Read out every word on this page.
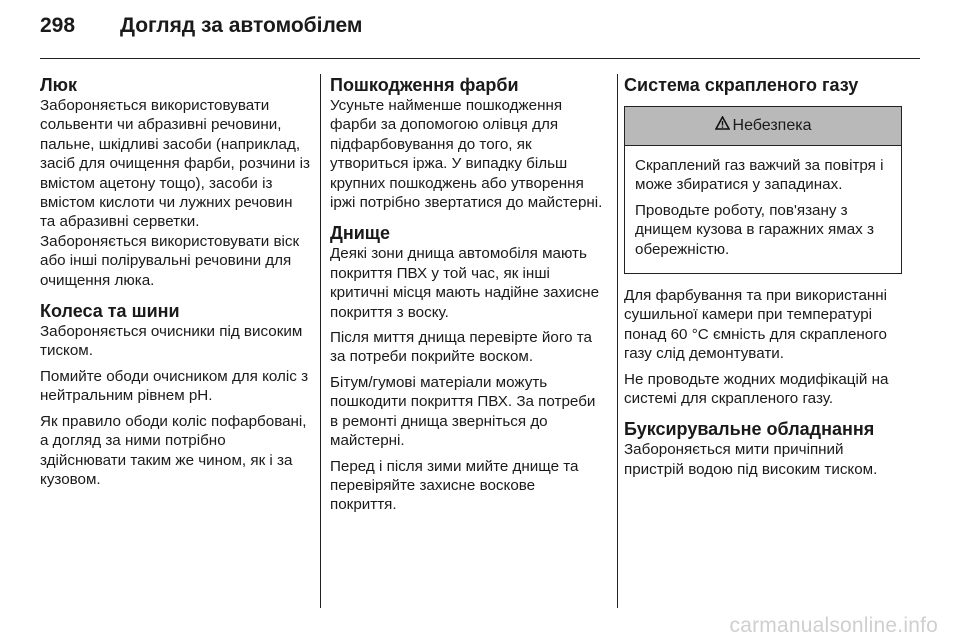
298	Догляд за автомобілем
Люк

Забороняється використовувати сольвенти чи абразивні речовини, пальне, шкідливі засоби (наприклад, засіб для очищення фарби, розчини із вмістом ацетону тощо), засоби із вмістом кислоти чи лужних речовин та абразивні серветки. Забороняється використовувати віск або інші полірувальні речовини для очищення люка.

Колеса та шини

Забороняється очисники під високим тиском.

Помийте ободи очисником для коліс з нейтральним рівнем pH.

Як правило ободи коліс пофарбовані, а догляд за ними потрібно здійснювати таким же чином, як і за кузовом.

Пошкодження фарби

Усуньте найменше пошкодження фарби за допомогою олівця для підфарбовування до того, як утвориться іржа. У випадку більш крупних пошкоджень або утворення іржі потрібно звертатися до майстерні.

Днище

Деякі зони днища автомобіля мають покриття ПВХ у той час, як інші критичні місця мають надійне захисне покриття з воску.

Після миття днища перевірте його та за потреби покрийте воском.

Бітум/гумові матеріали можуть пошкодити покриття ПВХ. За потреби в ремонті днища зверніться до майстерні.

Перед і після зими мийте днище та перевіряйте захисне воскове покриття.

Система скрапленого газу
Небезпека

Скраплений газ важчий за повітря і може збиратися у западинах.

Проводьте роботу, пов'язану з днищем кузова в гаражних ямах з обережністю.

Для фарбування та при використанні сушильної камери при температурі понад 60 °C ємність для скрапленого газу слід демонтувати.

Не проводьте жодних модифікацій на системі для скрапленого газу.

Буксирувальне обладнання

Забороняється мити причіпний пристрій водою під високим тиском.

carmanualsonline.info
